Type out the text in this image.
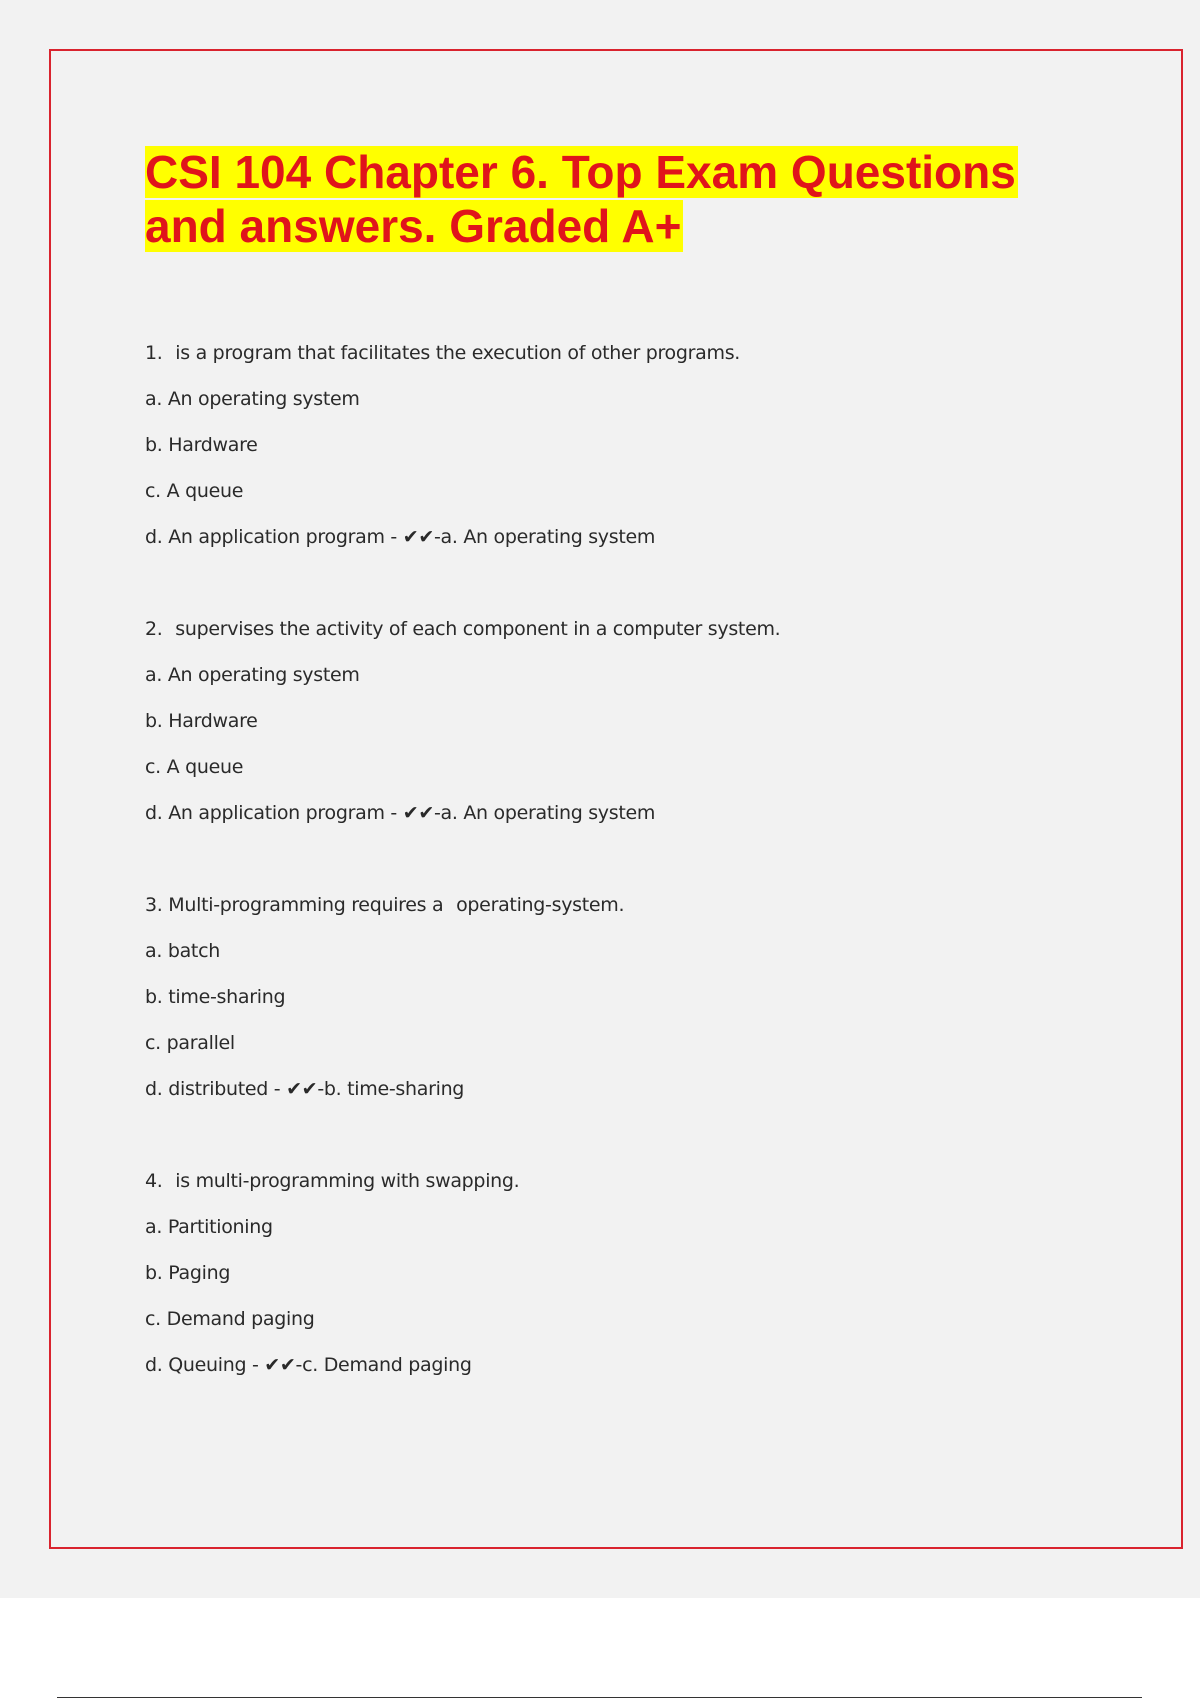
CSI 104 Chapter 6. Top Exam Questions
and answers. Graded A+
1. is a program that facilitates the execution of other programs.
a. An operating system
b. Hardware
c. A queue
d. An application program - ✔✔-a. An operating system
2. supervises the activity of each component in a computer system.
a. An operating system
b. Hardware
c. A queue
d. An application program - ✔✔-a. An operating system
3. Multi-programming requires a operating-system.
a. batch
b. time-sharing
c. parallel
d. distributed - ✔✔-b. time-sharing
4. is multi-programming with swapping.
a. Partitioning
b. Paging
c. Demand paging
d. Queuing - ✔✔-c. Demand paging
